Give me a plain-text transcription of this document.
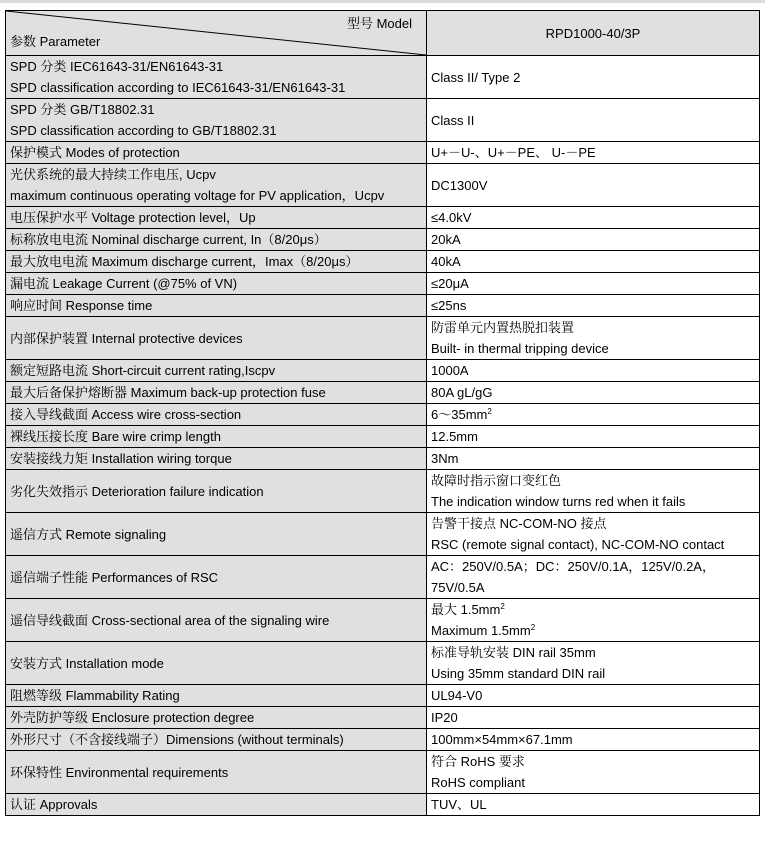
型号 Model
参数 Parameter	RPD1000-40/3P

SPD 分类 IEC61643-31/EN61643-31
SPD classification according to IEC61643-31/EN61643-31	Class II/ Type 2

SPD 分类 GB/T18802.31
SPD classification according to GB/T18802.31	Class II
保护模式 Modes of protection	U+－U-、U+－PE、 U-－PE

光伏系统的最大持续工作电压, Ucpv
maximum continuous operating voltage for PV application，Ucpv	DC1300V
电压保护水平 Voltage protection level，Up	≤4.0kV
标称放电电流 Nominal discharge current, In（8/20μs）	20kA
最大放电电流 Maximum discharge current，Imax（8/20μs）	40kA
漏电流 Leakage Current (@75% of VN)	≤20μA
响应时间 Response time	≤25ns
内部保护装置 Internal protective devices	防雷单元内置热脱扣装置
Built- in thermal tripping device

额定短路电流 Short-circuit current rating,Iscpv	1000A
最大后备保护熔断器 Maximum back-up protection fuse	80A gL/gG
接入导线截面 Access wire cross-section	$6\sim 35mm^2$
裸线压接长度 Bare wire crimp length	12.5mm
安装接线力矩 Installation wiring torque	3Nm
劣化失效指示 Deterioration failure indication	故障时指示窗口变红色
The indication window turns red when it fails

遥信方式 Remote signaling	告警干接点 NC-COM-NO 接点
RSC (remote signal contact), NC-COM-NO contact

遥信端子性能 Performances of RSC	AC：250V/0.5A；DC：250V/0.1A，125V/0.2A，
75V/0.5A

遥信导线截面 Cross-sectional area of the signaling wire	最大 $1.5mm^2$
Maximum $1.5mm^2$

安装方式 Installation mode	标准导轨安装 DIN rail 35mm
Using 35mm standard DIN rail

阻燃等级 Flammability Rating	UL94-V0
外壳防护等级 Enclosure protection degree	IP20
外形尺寸（不含接线端子）Dimensions (without terminals)	100mm×54mm×67.1mm
环保特性 Environmental requirements	符合 RoHS 要求
RoHS compliant

认证 Approvals	TUV、UL
